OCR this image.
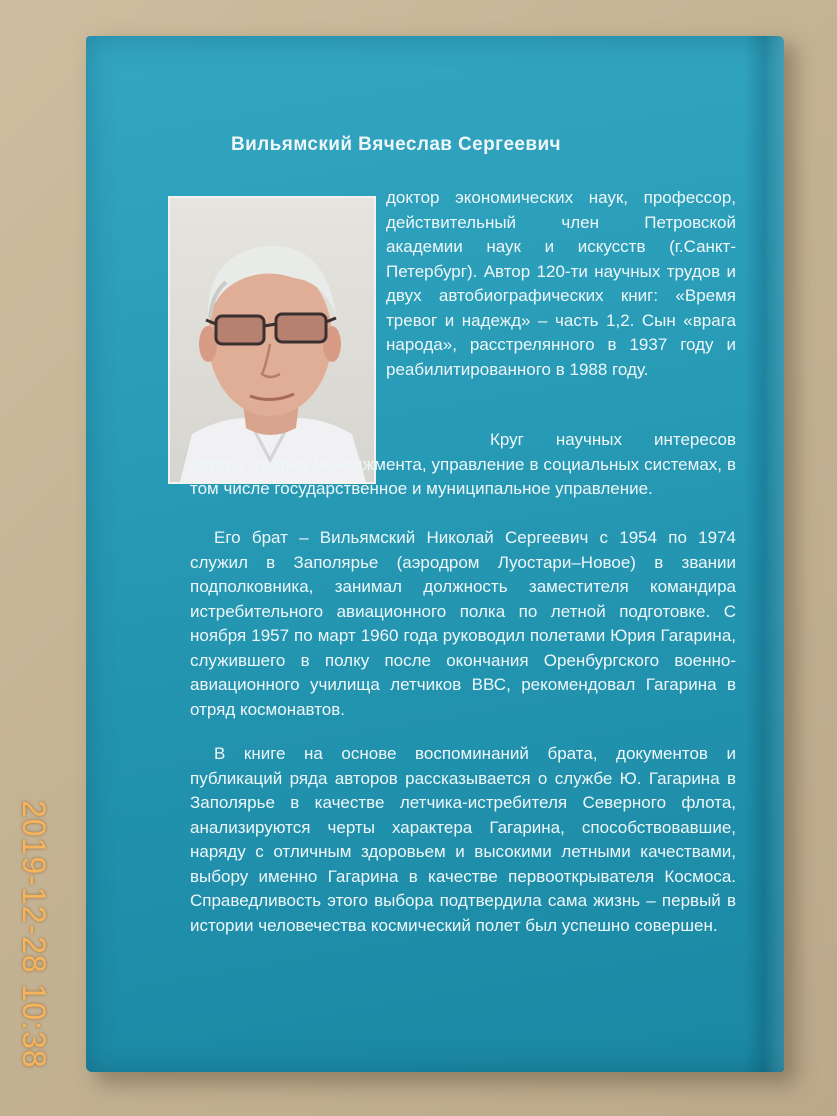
Вильямский Вячеслав Сергеевич
доктор экономических наук, профессор, действительный член Петровской академии наук и искусств (г.Санкт-Петербург). Автор 120-ти научных трудов и двух автобиографических книг: «Время тревог и надежд» – часть 1,2. Сын «врага народа», расстрелянного в 1937 году и реабилитированного в 1988 году.
Круг научных интересов автора: теория менеджмента, управление в социальных системах, в том числе государственное и муниципальное управление.
Его брат – Вильямский Николай Сергеевич с 1954 по 1974 служил в Заполярье (аэродром Луостари–Новое) в звании подполковника, занимал должность заместителя командира истребительного авиационного полка по летной подготовке. С ноября 1957 по март 1960 года руководил полетами Юрия Гагарина, служившего в полку после окончания Оренбургского военно-авиационного училища летчиков ВВС, рекомендовал Гагарина в отряд космонавтов.
В книге на основе воспоминаний брата, документов и публикаций ряда авторов рассказывается о службе Ю. Гагарина в Заполярье в качестве летчика-истребителя Северного флота, анализируются черты характера Гагарина, способствовавшие, наряду с отличным здоровьем и высокими летными качествами, выбору именно Гагарина в качестве первооткрывателя Космоса. Справедливость этого выбора подтвердила сама жизнь – первый в истории человечества космический полет был успешно совершен.
2019-12-28 10:38
